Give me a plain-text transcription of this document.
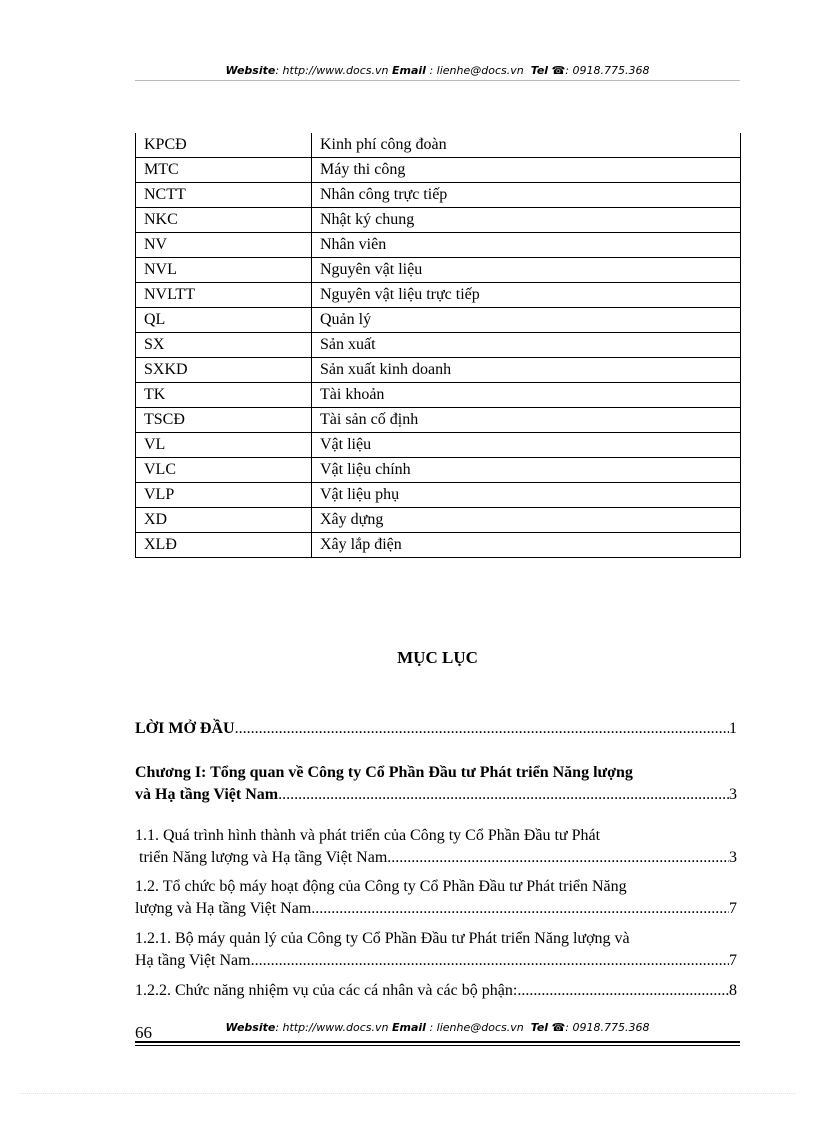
Website: http://www.docs.vn Email : lienhe@docs.vn Tel ☎: 0918.775.368
KPCĐ	Kinh phí công đoàn
MTC	Máy thi công
NCTT	Nhân công trực tiếp
NKC	Nhật ký chung
NV	Nhân viên
NVL	Nguyên vật liệu
NVLTT	Nguyên vật liệu trực tiếp
QL	Quản lý
SX	Sản xuất
SXKD	Sản xuất kinh doanh
TK	Tài khoản
TSCĐ	Tài sản cố định
VL	Vật liệu
VLC	Vật liệu chính
VLP	Vật liệu phụ
XD	Xây dựng
XLĐ	Xây lắp điện
MỤC LỤC
LỜI MỞ ĐẦU .....	1
Chương I: Tổng quan về Công ty Cổ Phần Đầu tư Phát triển Năng lượng
và Hạ tầng Việt Nam .....	3
1.1. Quá trình hình thành và phát triển của Công ty Cổ Phần Đầu tư Phát
triển Năng lượng và Hạ tầng Việt Nam .....	3
1.2. Tổ chức bộ máy hoạt động của Công ty Cổ Phần Đầu tư Phát triển Năng
lượng và Hạ tầng Việt Nam .....	7
1.2.1. Bộ máy quản lý của Công ty Cổ Phần Đầu tư Phát triển Năng lượng và
Hạ tầng Việt Nam. .....	7
1.2.2. Chức năng nhiệm vụ của các cá nhân và các bộ phận: .....	8
66	Website: http://www.docs.vn Email : lienhe@docs.vn Tel ☎: 0918.775.368
